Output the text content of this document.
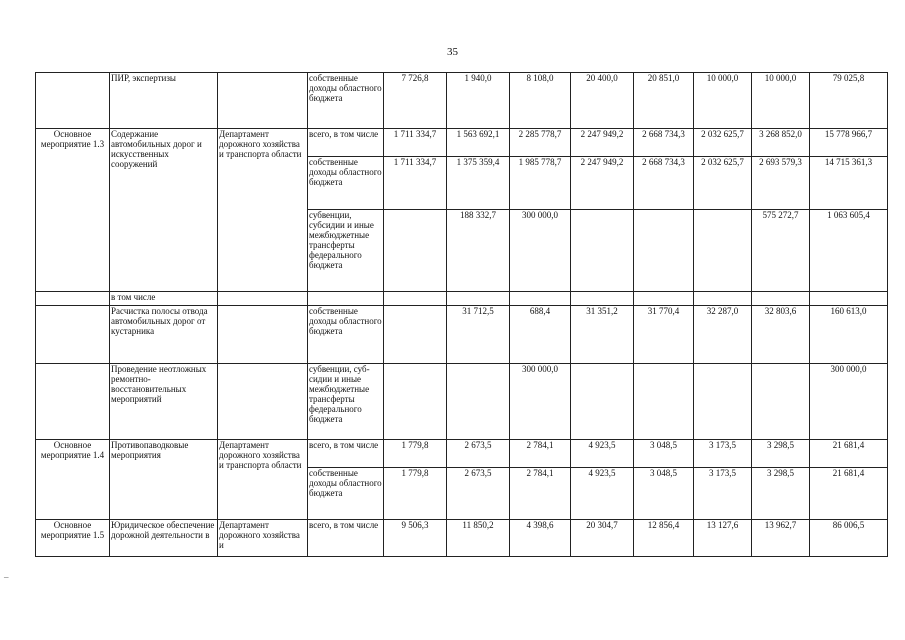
35
–
	ПИР, экспертизы		собственные доходы областного бюджета	7 726,8	1 940,0	8 108,0	20 400,0	20 851,0	10 000,0	10 000,0	79 025,8
Основное мероприятие 1.3	Содержание автомобильных дорог и искусственных сооружений	Департамент дорожного хозяйства и транспорта области	всего, в том числе	1 711 334,7	1 563 692,1	2 285 778,7	2 247 949,2	2 668 734,3	2 032 625,7	3 268 852,0	15 778 966,7
			собственные доходы областного бюджета	1 711 334,7	1 375 359,4	1 985 778,7	2 247 949,2	2 668 734,3	2 032 625,7	2 693 579,3	14 715 361,3
			субвенции, субсидии и иные межбюджетные трансферты федерального бюджета		188 332,7	300 000,0				575 272,7	1 063 605,4
	в том числе										
	Расчистка полосы отвода автомобильных дорог от кустарника		собственные доходы областного бюджета		31 712,5	688,4	31 351,2	31 770,4	32 287,0	32 803,6	160 613,0
	Проведение неотложных ремонтно-восстановительных мероприятий		субвенции, суб-сидии и иные межбюджетные трансферты федерального бюджета			300 000,0					300 000,0
Основное мероприятие 1.4	Противопаводковые мероприятия	Департамент дорожного хозяйства и транспорта области	всего, в том числе	1 779,8	2 673,5	2 784,1	4 923,5	3 048,5	3 173,5	3 298,5	21 681,4
			собственные доходы областного бюджета	1 779,8	2 673,5	2 784,1	4 923,5	3 048,5	3 173,5	3 298,5	21 681,4
Основное мероприятие 1.5	Юридическое обеспечение дорожной деятельности в	Департамент дорожного хозяйства и	всего, в том числе	9 506,3	11 850,2	4 398,6	20 304,7	12 856,4	13 127,6	13 962,7	86 006,5
